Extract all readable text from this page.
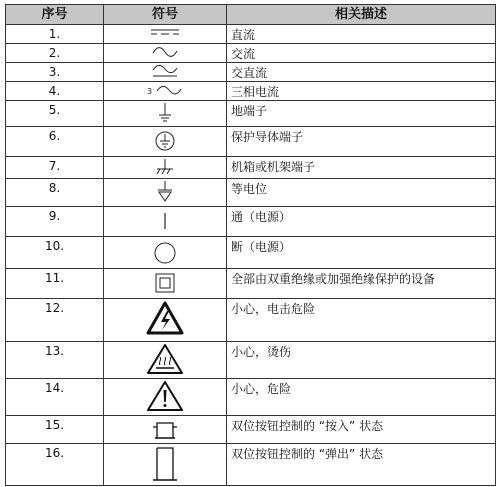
序号	符号	相关描述
1.		直流
2.		交流
3.		交直流
4.	3	三相电流
5.		地端子
6.		保护导体端子
7.		机箱或机架端子
8.		等电位
9.		通（电源）
10.		断（电源）
11.		全部由双重绝缘或加强绝缘保护的设备
12.		小心，电击危险
13.		小心，烫伤
14.		小心，危险
15.		双位按钮控制的 “按入” 状态
16.		双位按钮控制的 “弹出” 状态
